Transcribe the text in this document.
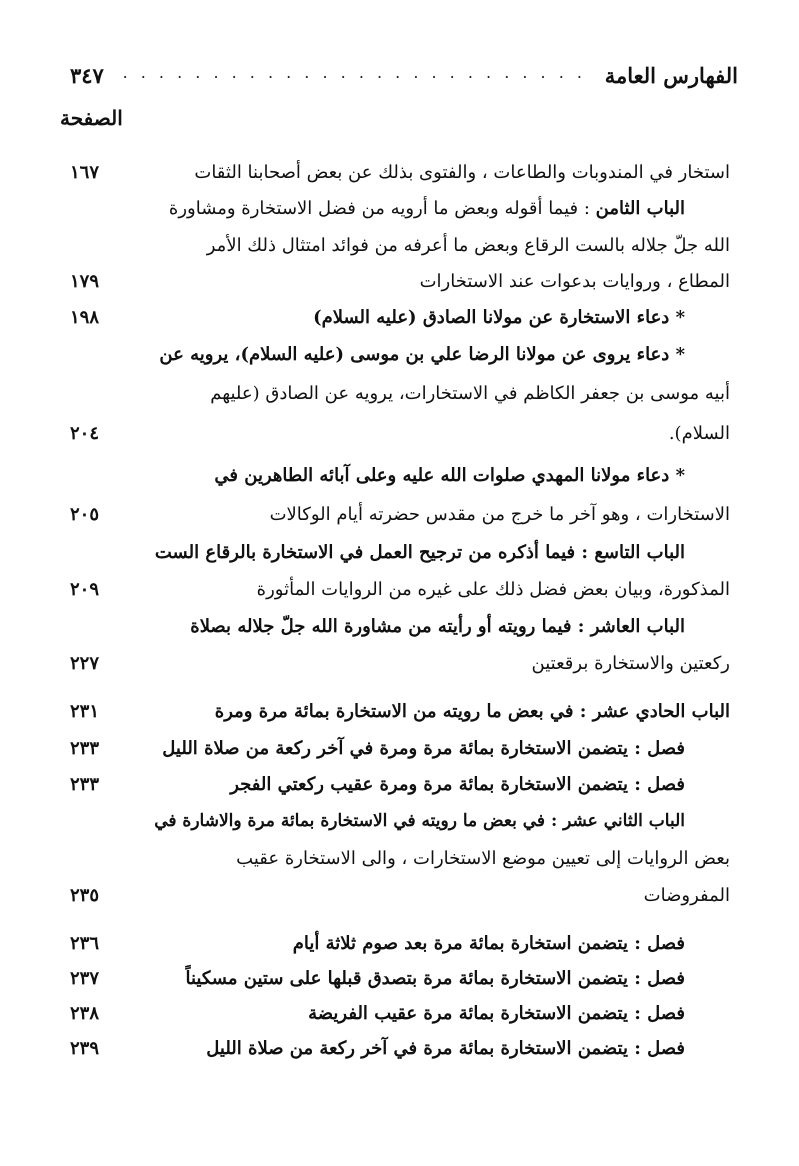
الفهارس العامة
. . . . . . . . . . . . . . . . . . . . . . . . . .
٣٤٧
الصفحة
استخار في المندوبات والطاعات ، والفتوى بذلك عن بعض أصحابنا الثقات
١٦٧
الباب الثامن : فيما أقوله وبعض ما أرويه من فضل الاستخارة ومشاورة
الله جلّ جلاله بالست الرقاع وبعض ما أعرفه من فوائد امتثال ذلك الأمر
المطاع ، وروايات بدعوات عند الاستخارات
١٧٩
* دعاء الاستخارة عن مولانا الصادق (عليه السلام)
١٩٨
* دعاء يروى عن مولانا الرضا علي بن موسى (عليه السلام)، يرويه عن
أبيه موسى بن جعفر الكاظم في الاستخارات، يرويه عن الصادق (عليهم
السلام).
٢٠٤
* دعاء مولانا المهدي صلوات الله عليه وعلى آبائه الطاهرين في
الاستخارات ، وهو آخر ما خرج من مقدس حضرته أيام الوكالات
٢٠٥
الباب التاسع : فيما أذكره من ترجيح العمل في الاستخارة بالرقاع الست
المذكورة، وبيان بعض فضل ذلك على غيره من الروايات المأثورة
٢٠٩
الباب العاشر : فيما رويته أو رأيته من مشاورة الله جلّ جلاله بصلاة
ركعتين والاستخارة برقعتين
٢٢٧
الباب الحادي عشر : في بعض ما رويته من الاستخارة بمائة مرة ومرة
٢٣١
فصل : يتضمن الاستخارة بمائة مرة ومرة في آخر ركعة من صلاة الليل
٢٣٣
فصل : يتضمن الاستخارة بمائة مرة ومرة عقيب ركعتي الفجر
٢٣٣
الباب الثاني عشر : في بعض ما رويته في الاستخارة بمائة مرة والاشارة في
بعض الروايات إلى تعيين موضع الاستخارات ، والى الاستخارة عقيب
المفروضات
٢٣٥
فصل : يتضمن استخارة بمائة مرة بعد صوم ثلاثة أيام
٢٣٦
فصل : يتضمن الاستخارة بمائة مرة بتصدق قبلها على ستين مسكيناً
٢٣٧
فصل : يتضمن الاستخارة بمائة مرة عقيب الفريضة
٢٣٨
فصل : يتضمن الاستخارة بمائة مرة في آخر ركعة من صلاة الليل
٢٣٩
